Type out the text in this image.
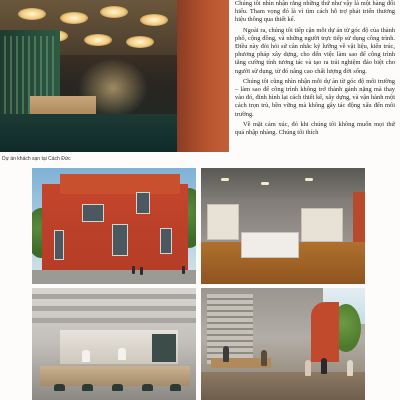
Dự án khách sạn tại Cách Đức

Chúng tôi nhìn nhận rằng những thứ như vậy là một hàng đổi hiểu. Tham vọng đó là vì tìm cách hỗ trợ phát triển thương hiệu thông qua thiết kế.

Ngoài ra, chúng tôi tiếp cận mỗi dự án từ góc độ của thành phố, cộng đồng, và những người trực tiếp sử dụng công trình. Điều này đòi hỏi sử cân nhắc kỹ lưỡng về vật liệu, kiến trúc, phương pháp xây dựng, cho đến việc làm sao để công trình tăng cường tính tương tác và tạo ra trải nghiệm đáo biệt cho người sử dụng, từ đó nâng cao chất lượng đời sống.

Chúng tôi cũng nhìn nhận mỗi dự án từ góc độ môi trường – làm sao để công trình không trở thành gánh nặng mà thay vào đó, đính hình lại cách thiết kế, xây dựng, và vận hành một cách trọn trù, bền vững mà không gây tác động xấu đến môi trường.

Về mặt cảm xúc, đó khi chúng tôi không muốn mọi thứ quá nhập nhàng. Chúng tôi thích
